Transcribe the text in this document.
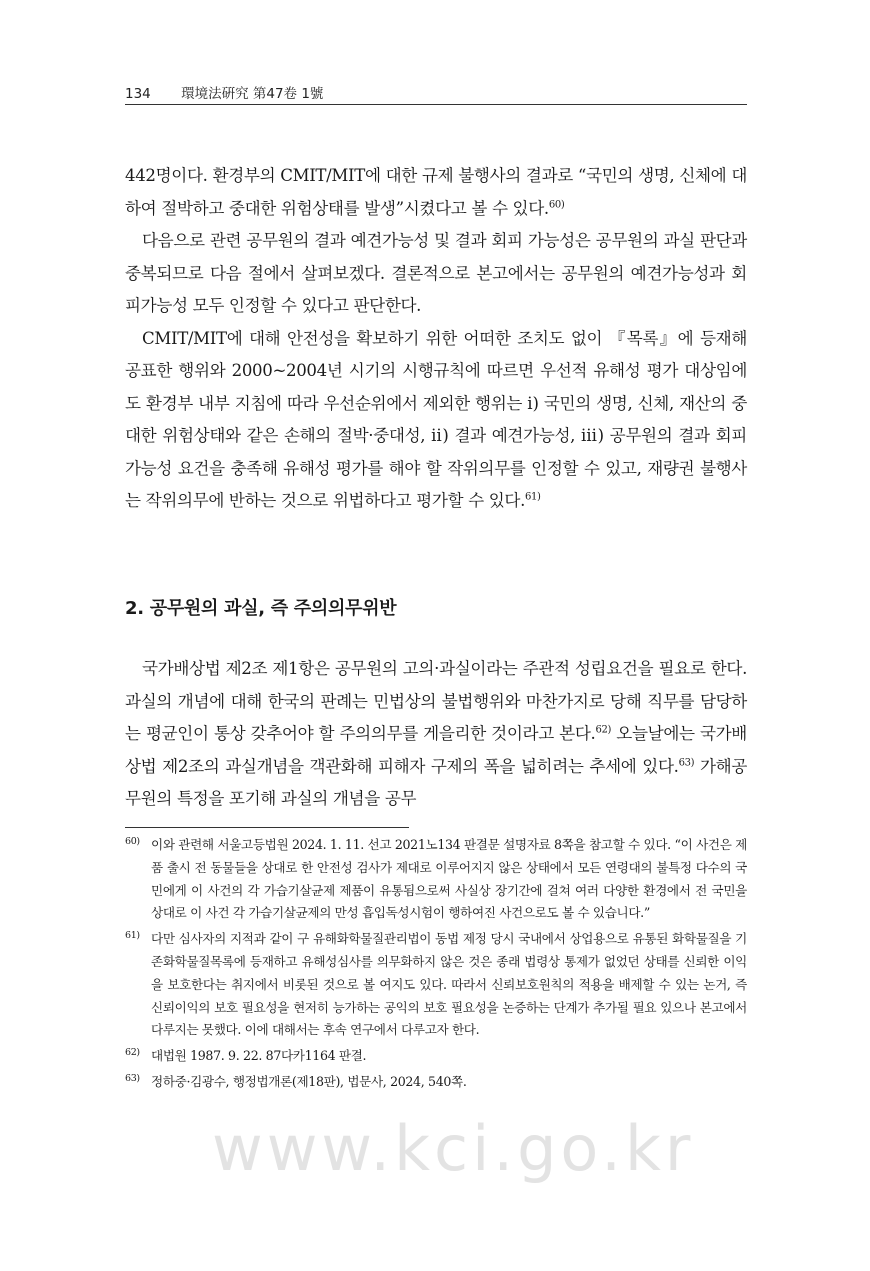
134 環境法硏究 第47卷 1號

442명이다. 환경부의 CMIT/MIT에 대한 규제 불행사의 결과로 “국민의 생명, 신체에 대하여 절박하고 중대한 위험상태를 발생”시켰다고 볼 수 있다.$^{60)}$

다음으로 관련 공무원의 결과 예견가능성 및 결과 회피 가능성은 공무원의 과실 판단과 중복되므로 다음 절에서 살펴보겠다. 결론적으로 본고에서는 공무원의 예견가능성과 회피가능성 모두 인정할 수 있다고 판단한다.

CMIT/MIT에 대해 안전성을 확보하기 위한 어떠한 조치도 없이 『목록』에 등재해 공표한 행위와 2000~2004년 시기의 시행규칙에 따르면 우선적 유해성 평가 대상임에도 환경부 내부 지침에 따라 우선순위에서 제외한 행위는 ⅰ) 국민의 생명, 신체, 재산의 중대한 위험상태와 같은 손해의 절박·중대성, ⅱ) 결과 예견가능성, ⅲ) 공무원의 결과 회피 가능성 요건을 충족해 유해성 평가를 해야 할 작위의무를 인정할 수 있고, 재량권 불행사는 작위의무에 반하는 것으로 위법하다고 평가할 수 있다.$^{61)}$

2. 공무원의 과실, 즉 주의의무위반

국가배상법 제2조 제1항은 공무원의 고의·과실이라는 주관적 성립요건을 필요로 한다. 과실의 개념에 대해 한국의 판례는 민법상의 불법행위와 마찬가지로 당해 직무를 담당하는 평균인이 통상 갖추어야 할 주의의무를 게을리한 것이라고 본다.$^{62)}$ 오늘날에는 국가배상법 제2조의 과실개념을 객관화해 피해자 구제의 폭을 넓히려는 추세에 있다.$^{63)}$ 가해공무원의 특정을 포기해 과실의 개념을 공무

60) 이와 관련해 서울고등법원 2024. 1. 11. 선고 2021노134 판결문 설명자료 8쪽을 참고할 수 있다. “이 사건은 제품 출시 전 동물들을 상대로 한 안전성 검사가 제대로 이루어지지 않은 상태에서 모든 연령대의 불특정 다수의 국민에게 이 사건의 각 가습기살균제 제품이 유통됨으로써 사실상 장기간에 걸쳐 여러 다양한 환경에서 전 국민을 상대로 이 사건 각 가습기살균제의 만성 흡입독성시험이 행하여진 사건으로도 볼 수 있습니다.”
61) 다만 심사자의 지적과 같이 구 유해화학물질관리법이 동법 제정 당시 국내에서 상업용으로 유통된 화학물질을 기존화학물질목록에 등재하고 유해성심사를 의무화하지 않은 것은 종래 법령상 통제가 없었던 상태를 신뢰한 이익을 보호한다는 취지에서 비롯된 것으로 볼 여지도 있다. 따라서 신뢰보호원칙의 적용을 배제할 수 있는 논거, 즉 신뢰이익의 보호 필요성을 현저히 능가하는 공익의 보호 필요성을 논증하는 단계가 추가될 필요 있으나 본고에서 다루지는 못했다. 이에 대해서는 후속 연구에서 다루고자 한다.
62) 대법원 1987. 9. 22. 87다카1164 판결.
63) 정하중·김광수, 행정법개론(제18판), 법문사, 2024, 540쪽.
www.kci.go.kr
